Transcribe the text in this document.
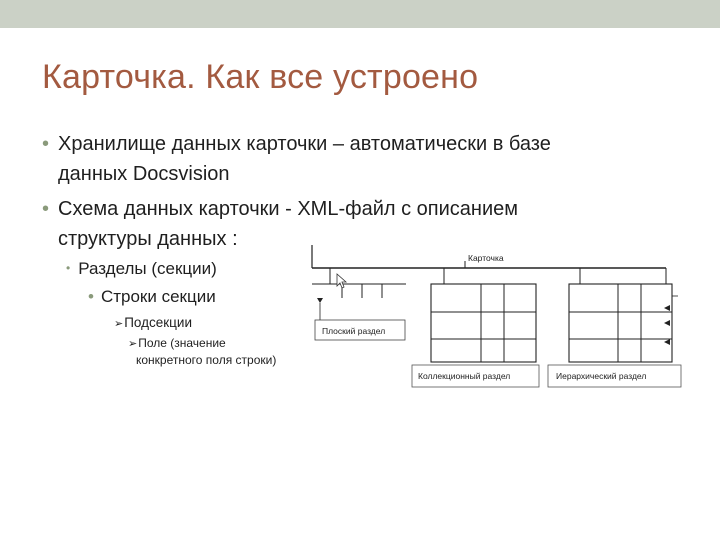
Карточка. Как все устроено
• Хранилище данных карточки – автоматически в базе
данных Docsvision
• Схема данных карточки - XML-файл с описанием
структуры данных :
• Разделы (секции)
• Строки секции
➢Подсекции
➢Поле (значение
конкретного поля строки)
Карточка
Плоский раздел
Коллекционный раздел	Иерархический раздел
